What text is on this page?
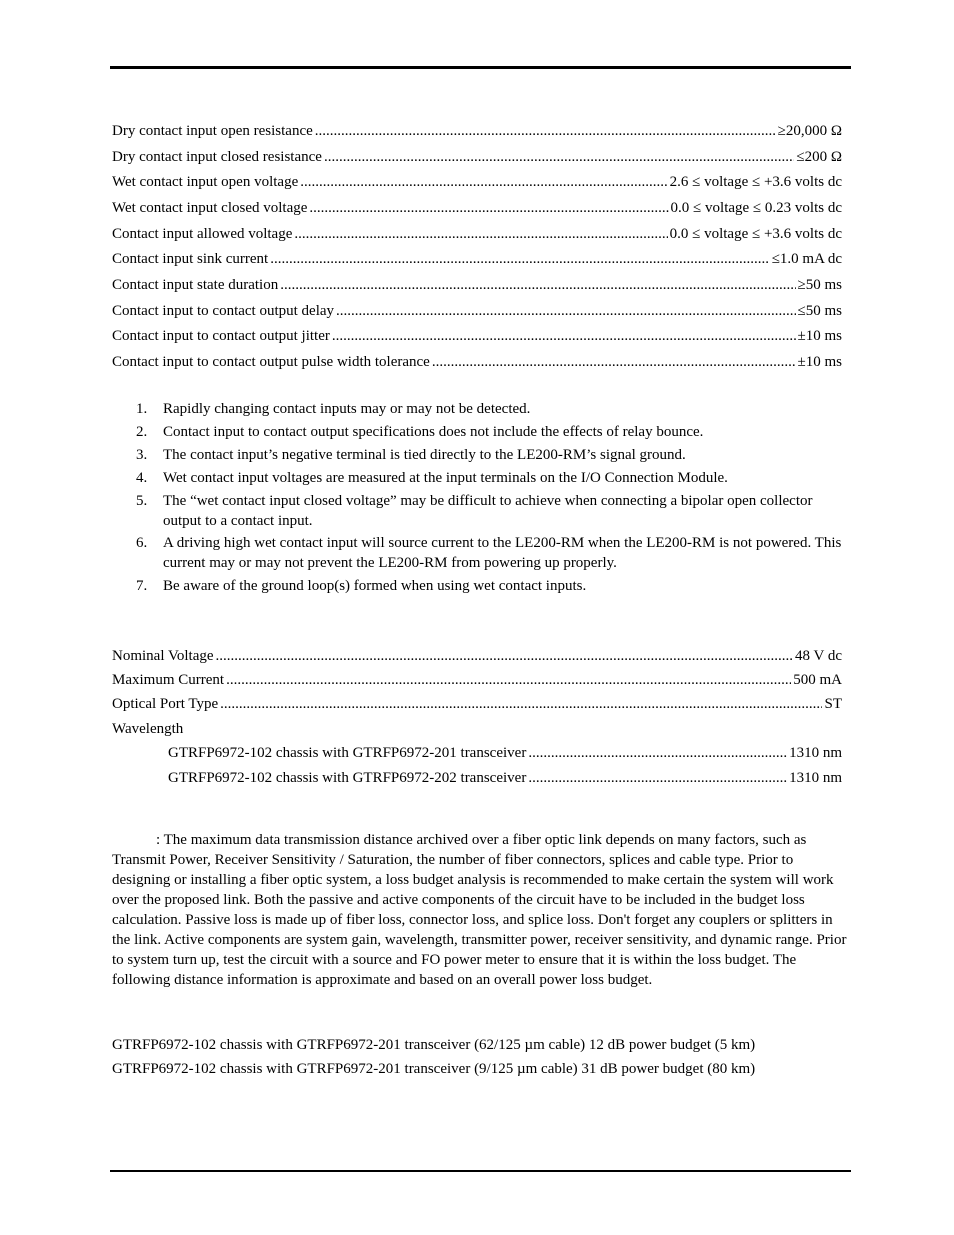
Dry contact input open resistance .....	≥20,000 Ω
Dry contact input closed resistance .....	≤200 Ω
Wet contact input open voltage .....	2.6 ≤ voltage ≤ +3.6 volts dc
Wet contact input closed voltage .....	0.0 ≤ voltage ≤ 0.23 volts dc
Contact input allowed voltage .....	0.0 ≤ voltage ≤ +3.6 volts dc
Contact input sink current .....	≤1.0 mA dc
Contact input state duration .....	≥50 ms
Contact input to contact output delay .....	≤50 ms
Contact input to contact output jitter .....	±10 ms
Contact input to contact output pulse width tolerance .....	±10 ms
1.	Rapidly changing contact inputs may or may not be detected.
2.	Contact input to contact output specifications does not include the effects of relay bounce.
3.	The contact input’s negative terminal is tied directly to the LE200-RM’s signal ground.
4.	Wet contact input voltages are measured at the input terminals on the I/O Connection Module.
5.	The “wet contact input closed voltage” may be difficult to achieve when connecting a bipolar open collector output to a contact input.
6.	A driving high wet contact input will source current to the LE200-RM when the LE200-RM is not powered. This current may or may not prevent the LE200-RM from powering up properly.
7.	Be aware of the ground loop(s) formed when using wet contact inputs.
Nominal Voltage .....	48 V dc
Maximum Current .....	500 mA
Optical Port Type .....	ST
Wavelength
GTRFP6972-102 chassis with GTRFP6972-201 transceiver .....	1310 nm
GTRFP6972-102 chassis with GTRFP6972-202 transceiver .....	1310 nm
: The maximum data transmission distance archived over a fiber optic link depends on many factors, such as Transmit Power, Receiver Sensitivity / Saturation, the number of fiber connectors, splices and cable type. Prior to designing or installing a fiber optic system, a loss budget analysis is recommended to make certain the system will work over the proposed link. Both the passive and active components of the circuit have to be included in the budget loss calculation. Passive loss is made up of fiber loss, connector loss, and splice loss. Don't forget any couplers or splitters in the link. Active components are system gain, wavelength, transmitter power, receiver sensitivity, and dynamic range. Prior to system turn up, test the circuit with a source and FO power meter to ensure that it is within the loss budget. The following distance information is approximate and based on an overall power loss budget.
GTRFP6972-102 chassis with GTRFP6972-201 transceiver (62/125 µm cable) 12 dB power budget (5 km)
GTRFP6972-102 chassis with GTRFP6972-201 transceiver (9/125 µm cable) 31 dB power budget (80 km)
